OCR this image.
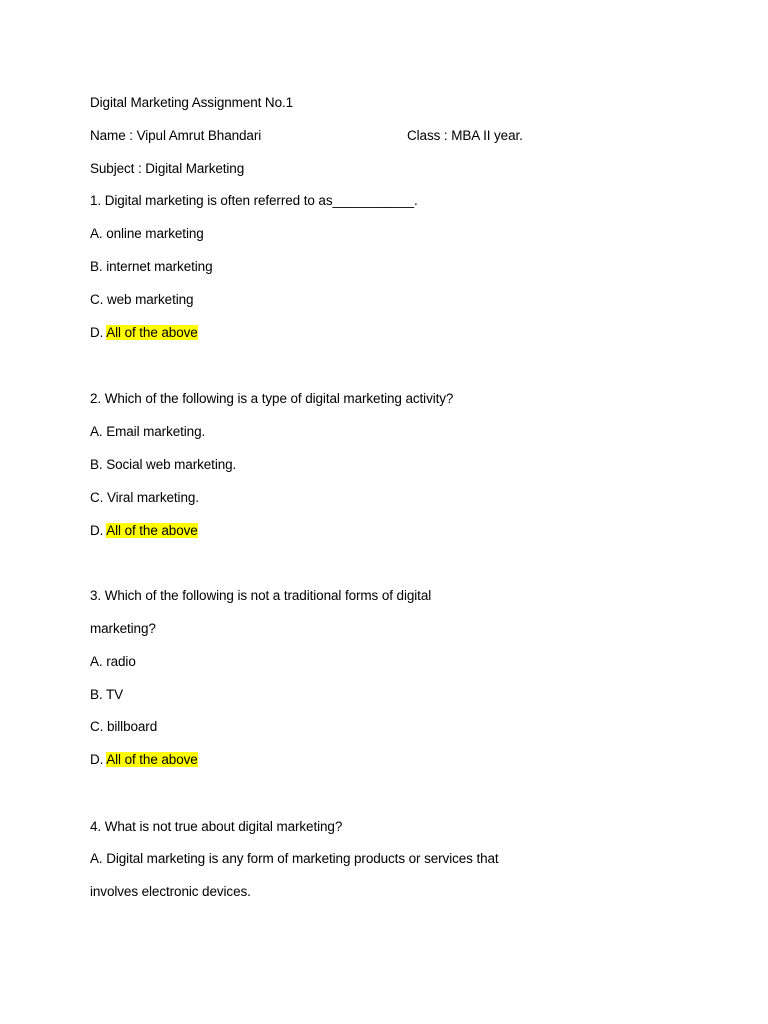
Digital Marketing Assignment No.1
Name : Vipul Amrut Bhandari	Class : MBA II year.
Subject : Digital Marketing
1. Digital marketing is often referred to as___________.
A. online marketing
B. internet marketing
C. web marketing
D. All of the above
2. Which of the following is a type of digital marketing activity?
A. Email marketing.
B. Social web marketing.
C. Viral marketing.
D. All of the above
3. Which of the following is not a traditional forms of digital
marketing?
A. radio
B. TV
C. billboard
D. All of the above
4. What is not true about digital marketing?
A. Digital marketing is any form of marketing products or services that
involves electronic devices.
